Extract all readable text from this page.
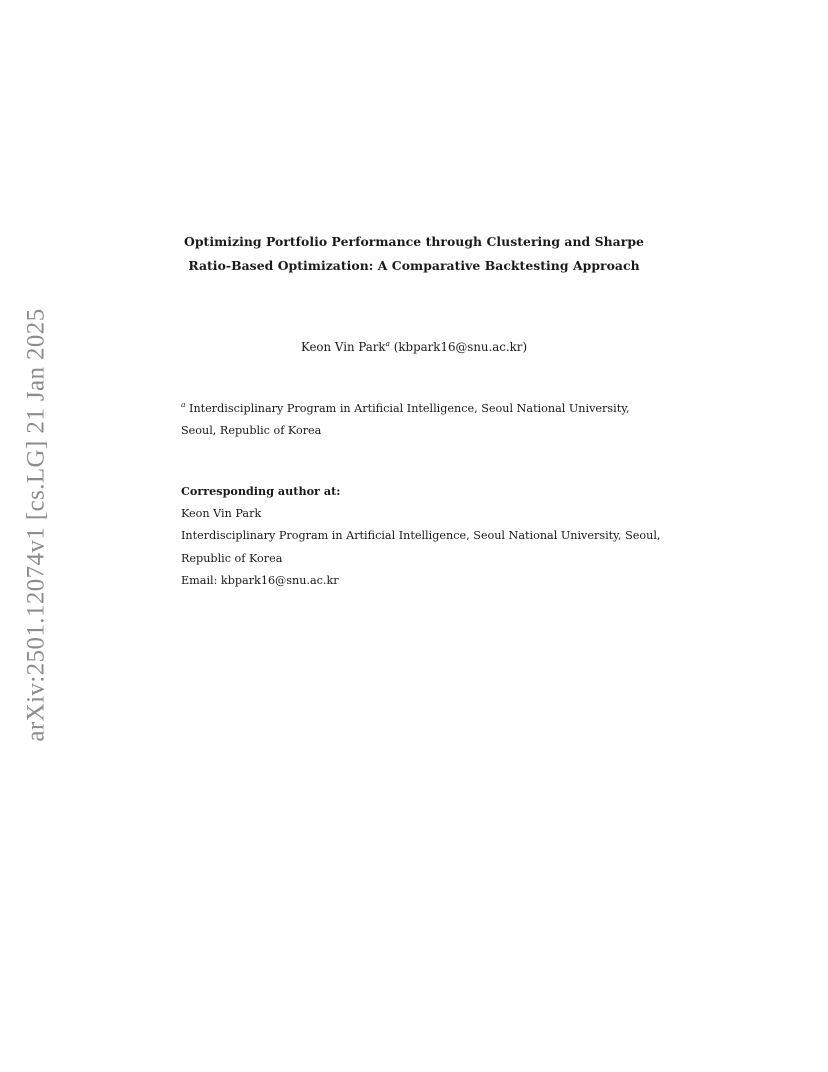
arXiv:2501.12074v1 [cs.LG] 21 Jan 2025
Optimizing Portfolio Performance through Clustering and Sharpe
Ratio-Based Optimization: A Comparative Backtesting Approach
Keon Vin Park$^a$ (kbpark16@snu.ac.kr)
$^a$ Interdisciplinary Program in Artificial Intelligence, Seoul National University,
Seoul, Republic of Korea
Corresponding author at:
Keon Vin Park
Interdisciplinary Program in Artificial Intelligence, Seoul National University, Seoul,
Republic of Korea
Email: kbpark16@snu.ac.kr
